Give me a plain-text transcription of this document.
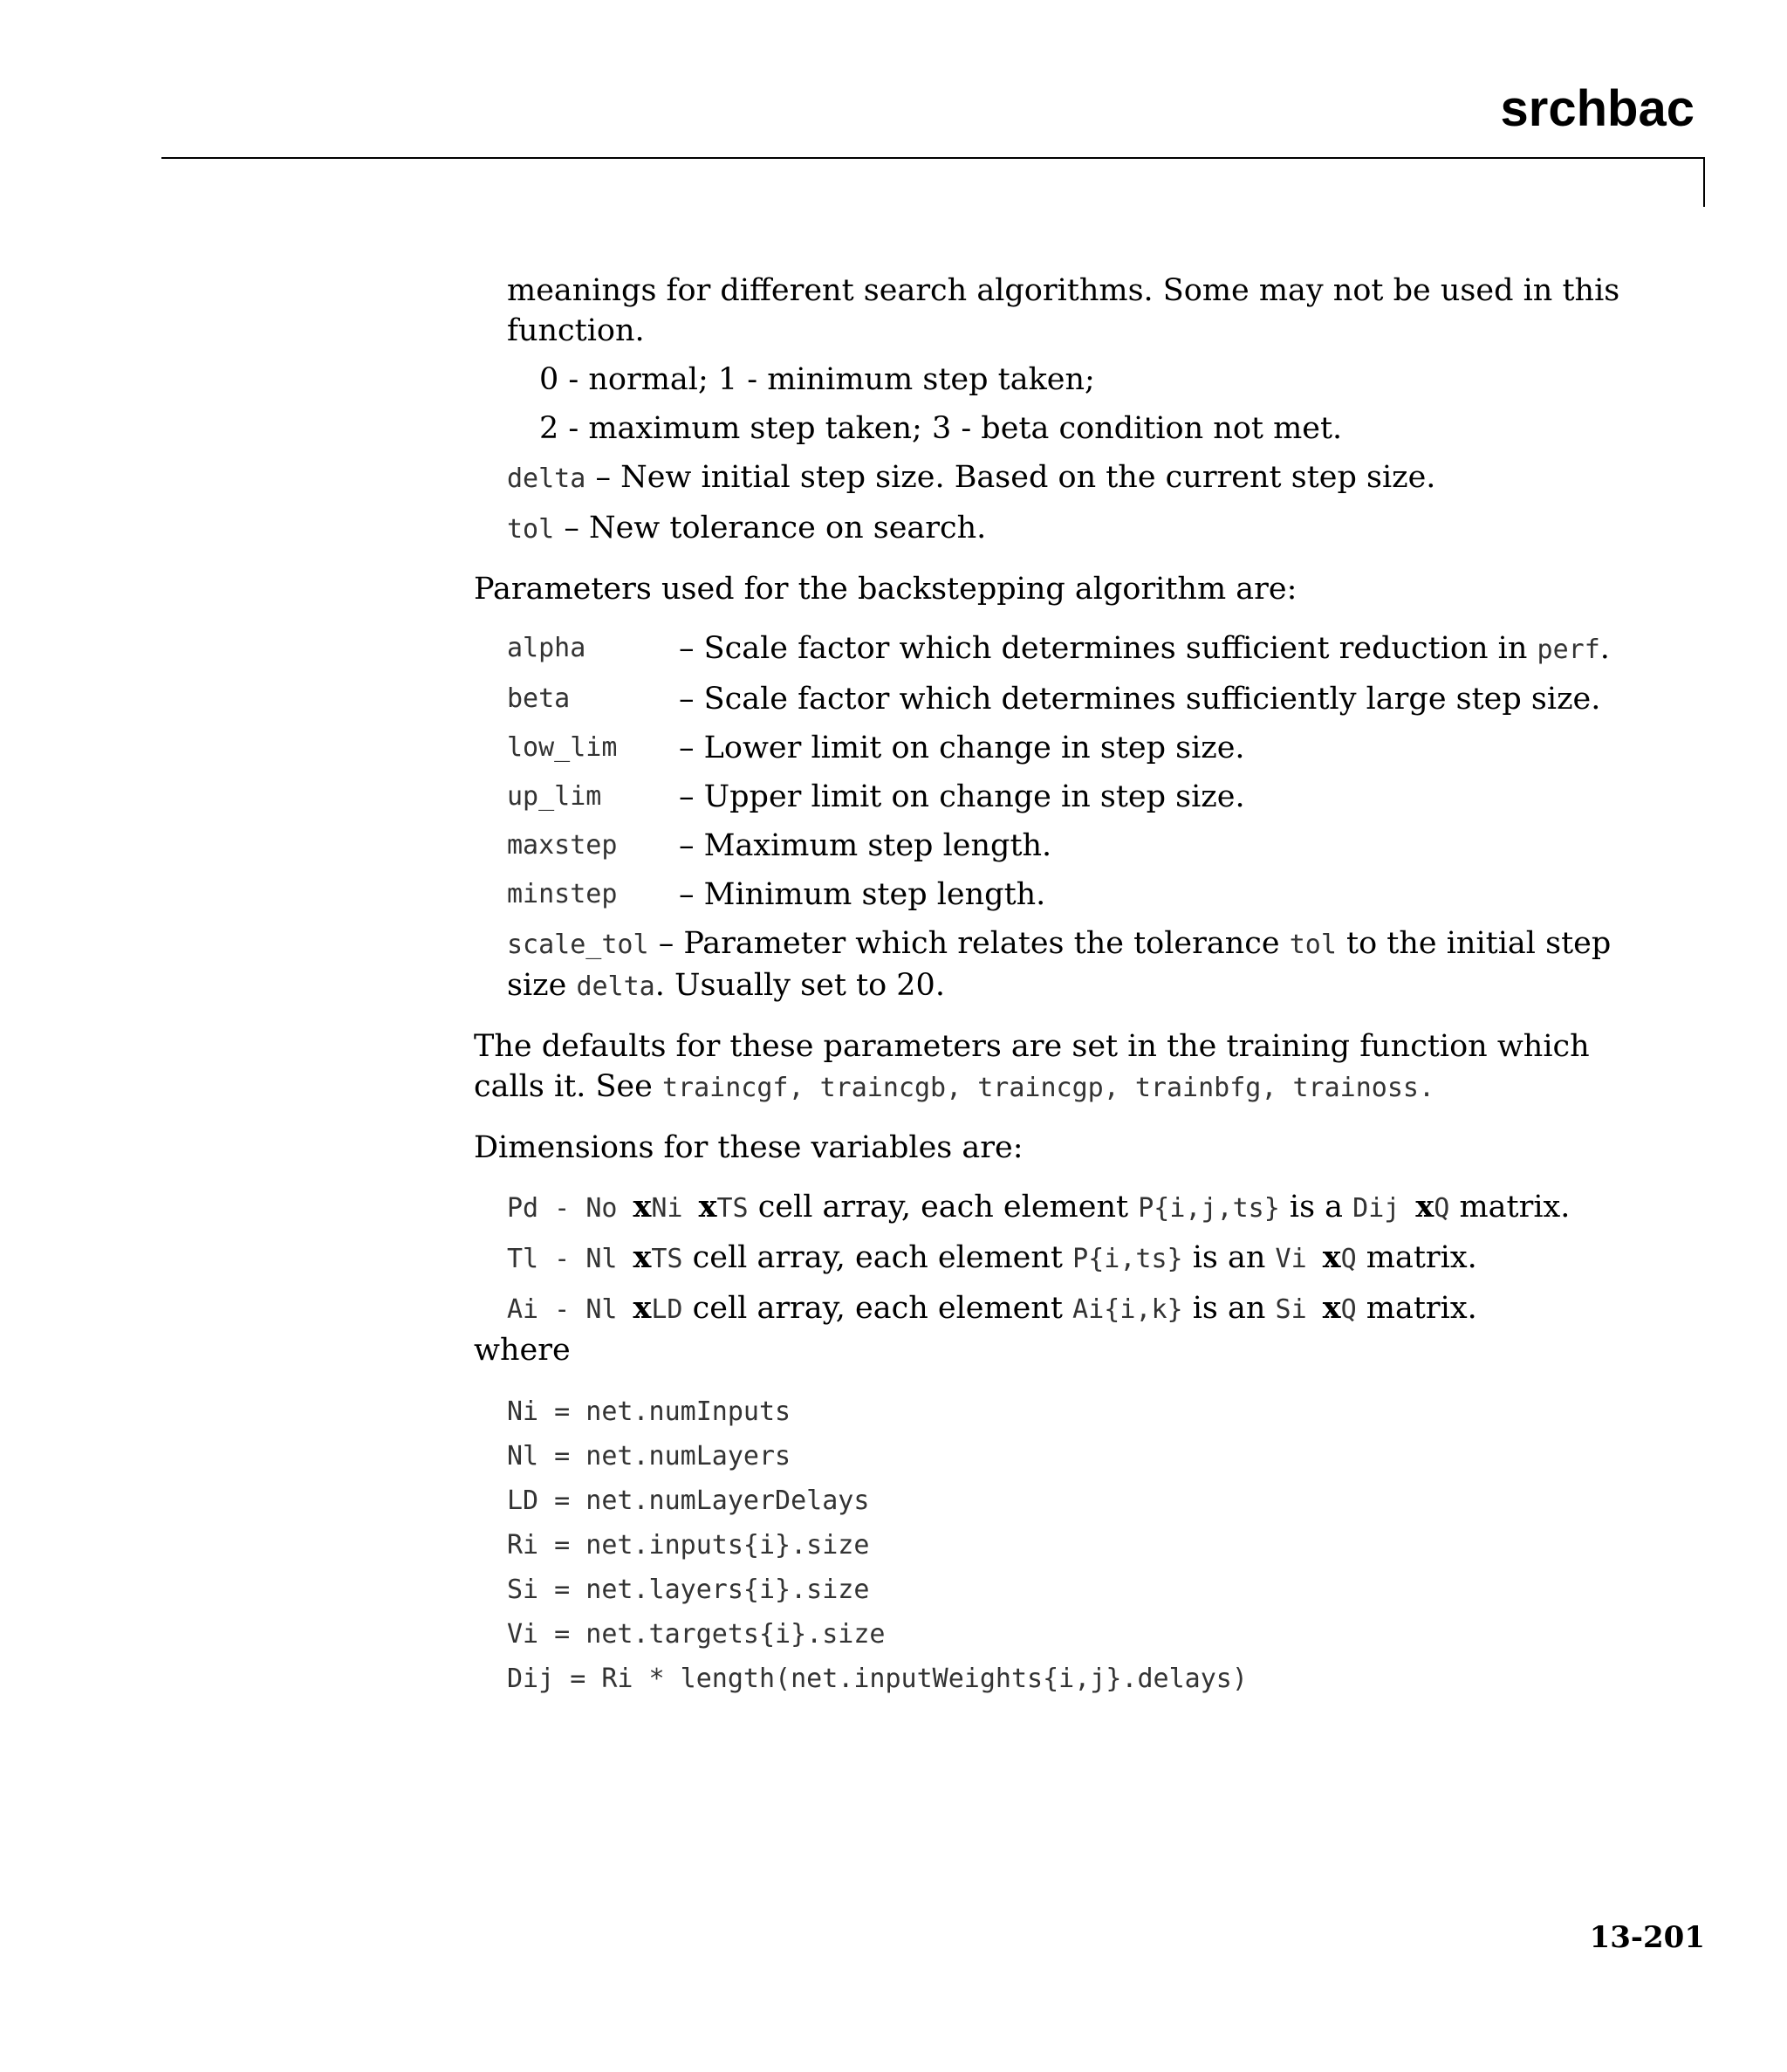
srchbac

meanings for different search algorithms. Some may not be used in this function.

0 - normal; 1 - minimum step taken;

2 - maximum step taken; 3 - beta condition not met.

delta – New initial step size. Based on the current step size.

tol – New tolerance on search.

Parameters used for the backstepping algorithm are:

alpha	– Scale factor which determines sufficient reduction in perf.

beta	– Scale factor which determines sufficiently large step size.

low_lim	– Lower limit on change in step size.

up_lim	– Upper limit on change in step size.

maxstep	– Maximum step length.

minstep	– Minimum step length.

scale_tol – Parameter which relates the tolerance tol to the initial step size delta. Usually set to 20.

The defaults for these parameters are set in the training function which calls it. See traincgf, traincgb, traincgp, trainbfg, trainoss.

Dimensions for these variables are:

Pd - No x Ni x TS cell array, each element P{i,j,ts} is a Dij x Q matrix.

Tl - Nl x TS cell array, each element P{i,ts} is an Vi x Q matrix.

Ai - Nl x LD cell array, each element Ai{i,k} is an Si x Q matrix.

where

Ni = net.numInputs
Nl = net.numLayers
LD = net.numLayerDelays
Ri = net.inputs{i}.size
Si = net.layers{i}.size
Vi = net.targets{i}.size
Dij = Ri * length(net.inputWeights{i,j}.delays)
13-201
